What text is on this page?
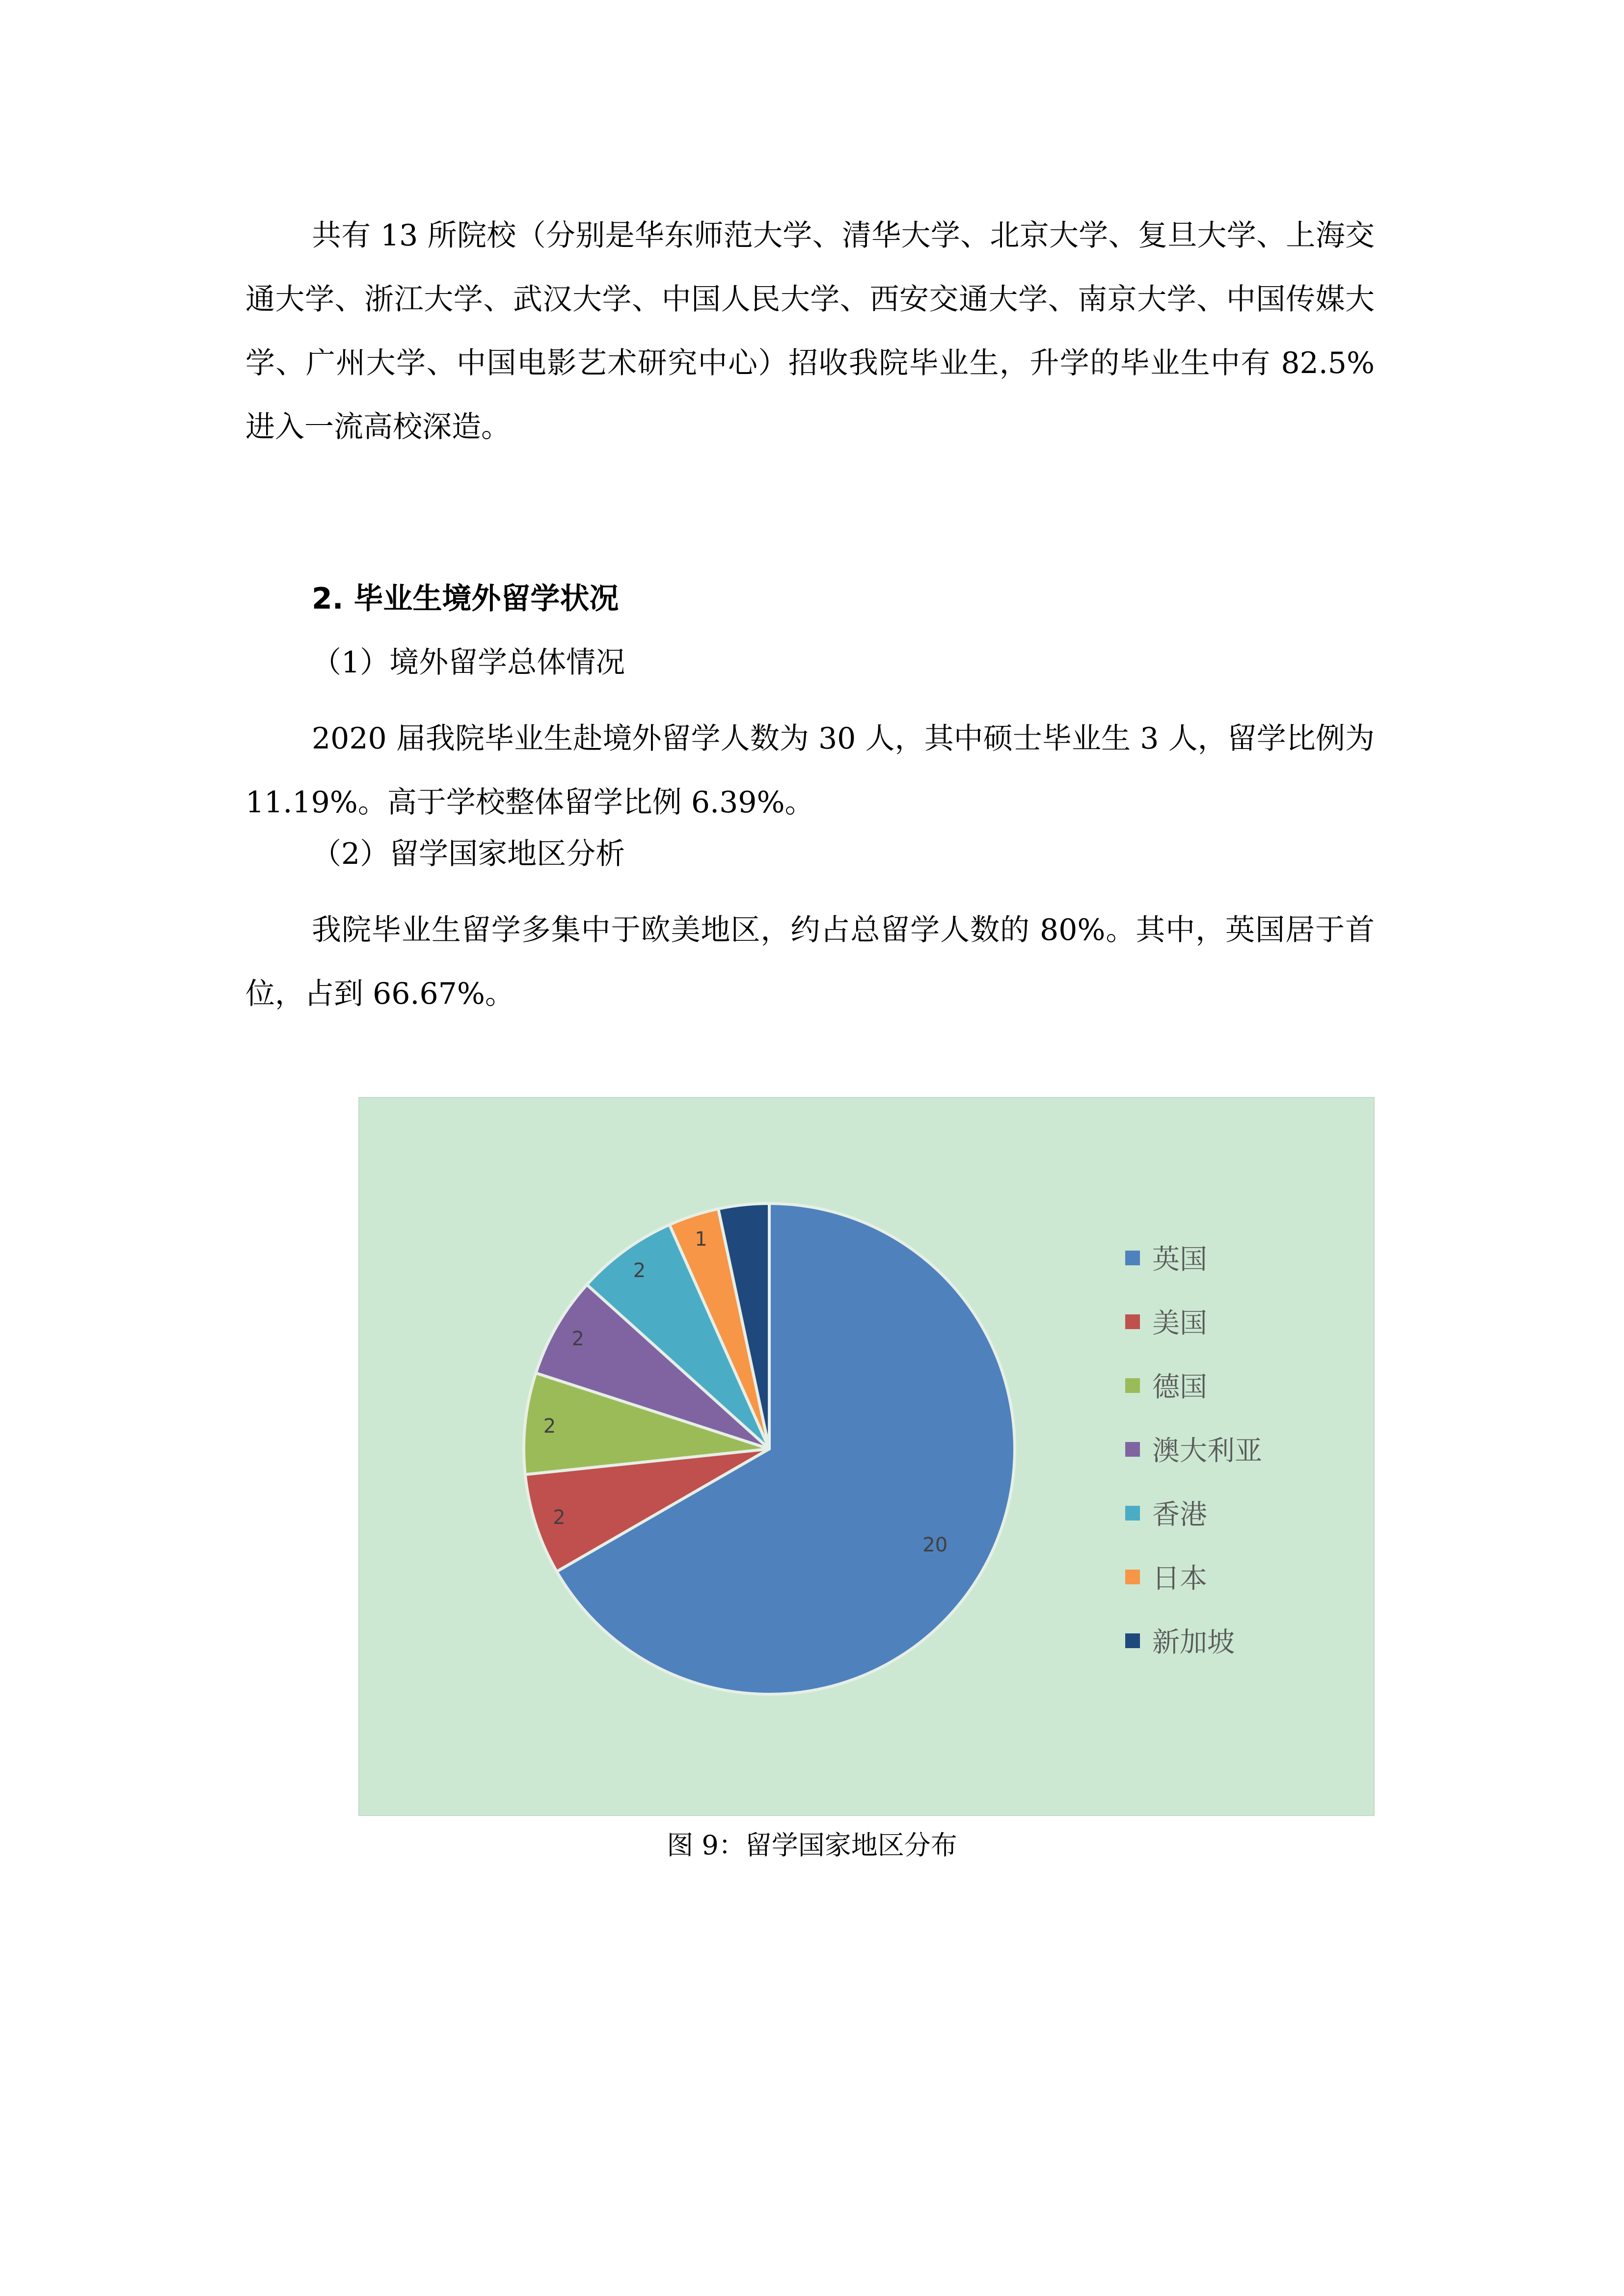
共有 13 所院校（分别是华东师范大学、清华大学、北京大学、复旦大学、上海交通大学、浙江大学、武汉大学、中国人民大学、西安交通大学、南京大学、中国传媒大学、广州大学、中国电影艺术研究中心）招收我院毕业生，升学的毕业生中有 82.5%进入一流高校深造。

2. 毕业生境外留学状况

（1）境外留学总体情况

2020 届我院毕业生赴境外留学人数为 30 人，其中硕士毕业生 3 人，留学比例为 11.19%。高于学校整体留学比例 6.39%。

（2）留学国家地区分析

我院毕业生留学多集中于欧美地区，约占总留学人数的 80%。其中，英国居于首位，占到 66.67%。

20
2
2
2
2
1
英国
美国
德国
澳大利亚
香港
日本
新加坡

图 9：留学国家地区分布
